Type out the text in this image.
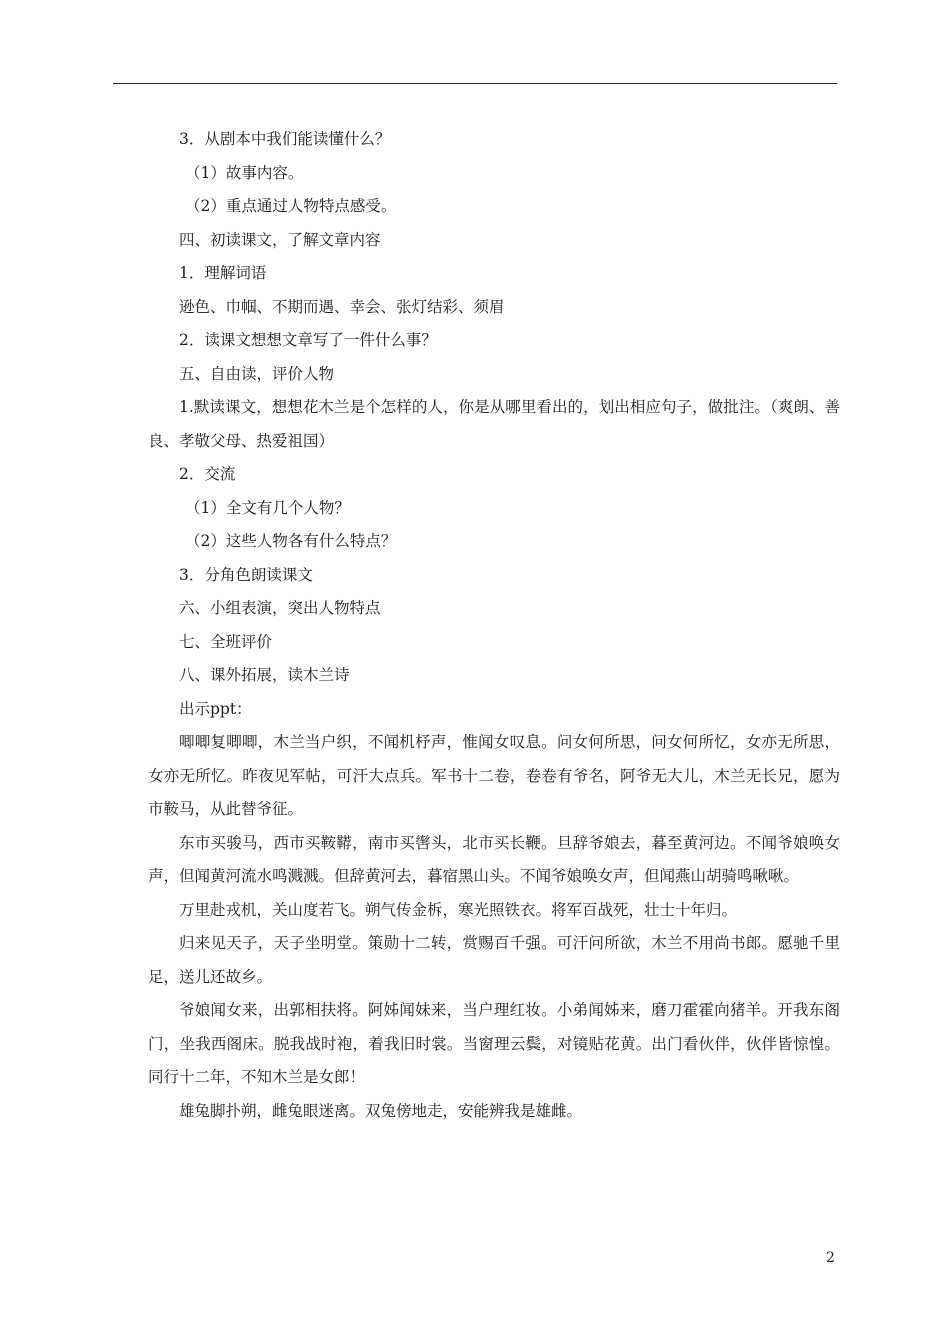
3．从剧本中我们能读懂什么？
（1）故事内容。
（2）重点通过人物特点感受。
四、初读课文，了解文章内容
1．理解词语
逊色、巾帼、不期而遇、幸会、张灯结彩、须眉
2．读课文想想文章写了一件什么事？
五、自由读，评价人物

1.默读课文，想想花木兰是个怎样的人，你是从哪里看出的，划出相应句子，做批注。（爽朗、善良、孝敬父母、热爱祖国）

2．交流
（1）全文有几个人物？
（2）这些人物各有什么特点？
3．分角色朗读课文
六、小组表演，突出人物特点
七、全班评价
八、课外拓展，读木兰诗
出示ppt：

唧唧复唧唧，木兰当户织，不闻机杼声，惟闻女叹息。问女何所思，问女何所忆，女亦无所思，女亦无所忆。昨夜见军帖，可汗大点兵。军书十二卷，卷卷有爷名，阿爷无大儿，木兰无长兄，愿为市鞍马，从此替爷征。

东市买骏马，西市买鞍鞯，南市买辔头，北市买长鞭。旦辞爷娘去，暮至黄河边。不闻爷娘唤女声，但闻黄河流水鸣溅溅。但辞黄河去，暮宿黑山头。不闻爷娘唤女声，但闻燕山胡骑鸣啾啾。

万里赴戎机，关山度若飞。朔气传金柝，寒光照铁衣。将军百战死，壮士十年归。

归来见天子，天子坐明堂。策勋十二转，赏赐百千强。可汗问所欲，木兰不用尚书郎。愿驰千里足，送儿还故乡。

爷娘闻女来，出郭相扶将。阿姊闻妹来，当户理红妆。小弟闻姊来，磨刀霍霍向猪羊。开我东阁门，坐我西阁床。脱我战时袍，着我旧时裳。当窗理云鬓，对镜贴花黄。出门看伙伴，伙伴皆惊惶。同行十二年，不知木兰是女郎！

雄兔脚扑朔，雌兔眼迷离。双兔傍地走，安能辨我是雄雌。

2
